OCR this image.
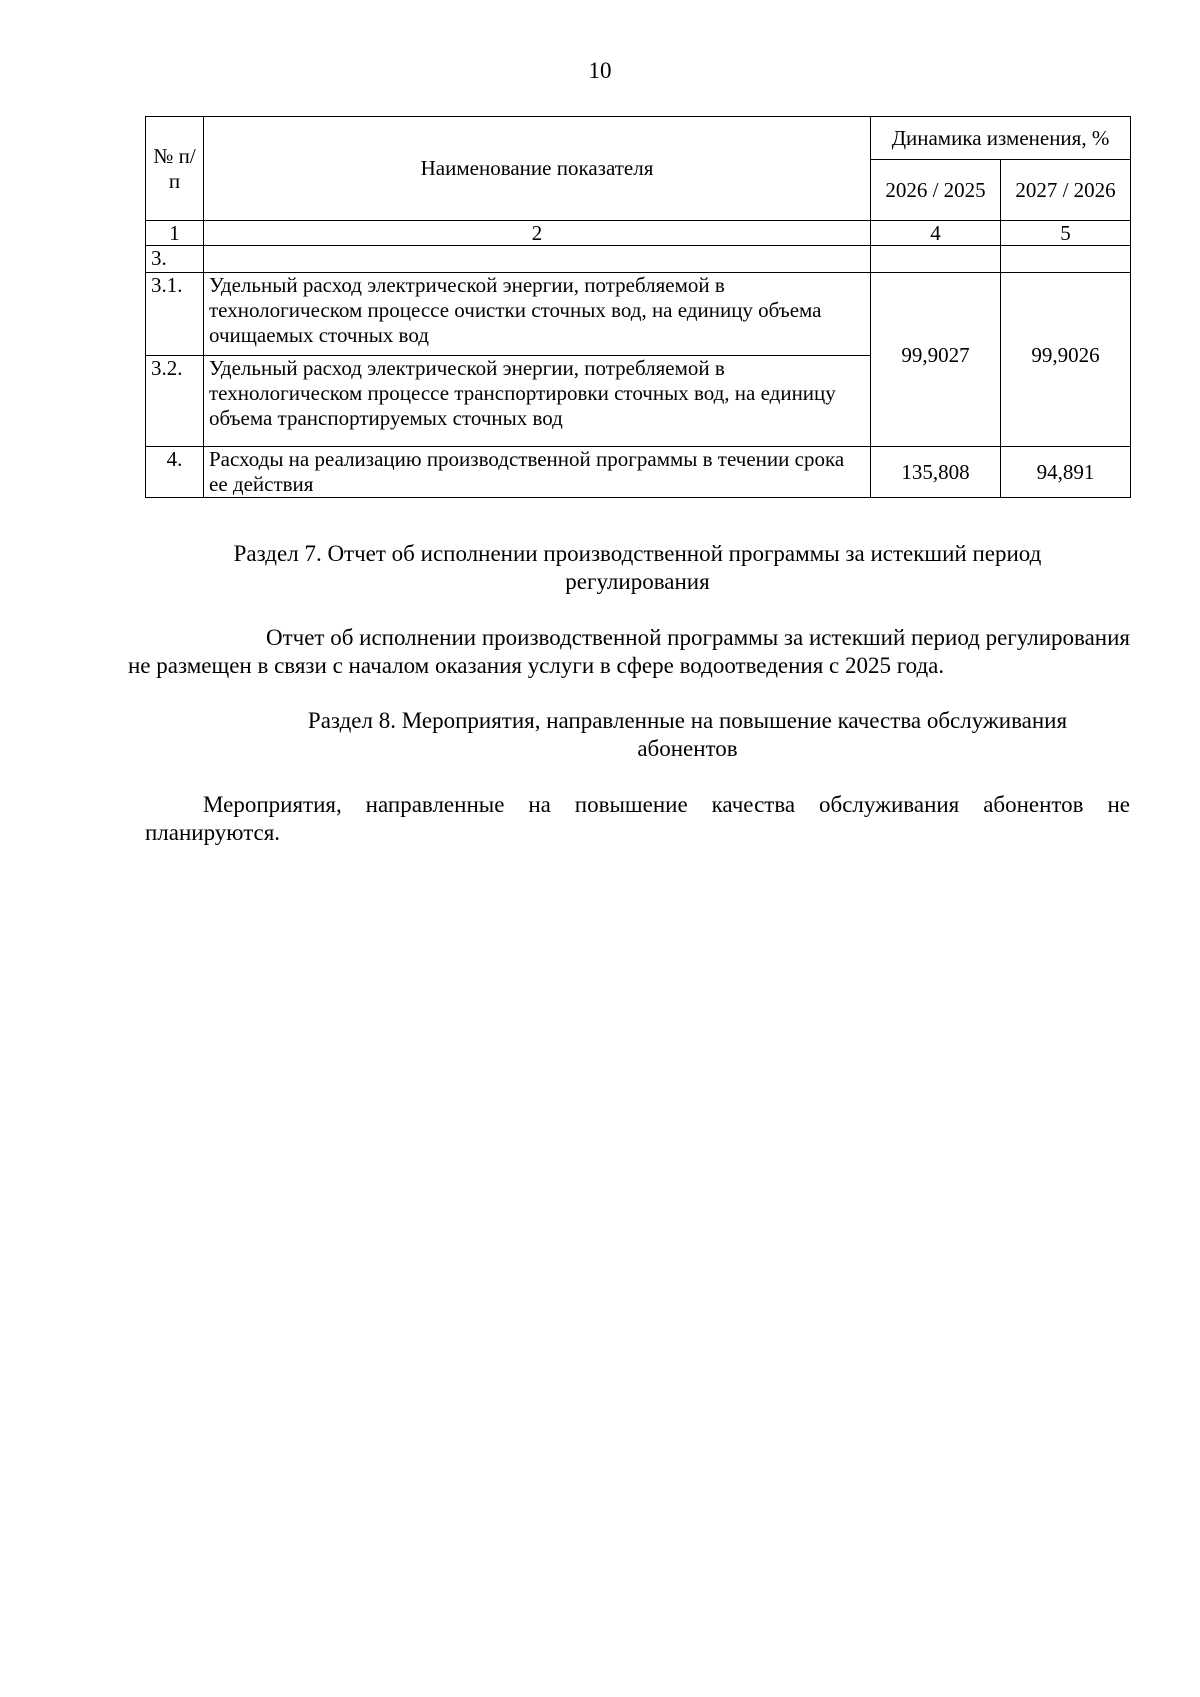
10
№ п/п	Наименование показателя	Динамика изменения, %	
		2026 / 2025	2027 / 2026
1	2	4	5
3.			
3.1.	Удельный расход электрической энергии, потребляемой в технологическом процессе очистки сточных вод, на единицу объема очищаемых сточных вод	99,9027	99,9026
3.2.	Удельный расход электрической энергии, потребляемой в технологическом процессе транспортировки сточных вод, на единицу объема транспортируемых сточных вод		
4.	Расходы на реализацию производственной программы в течении срока ее действия	135,808	94,891
Раздел 7. Отчет об исполнении производственной программы за истекший период
регулирования
Отчет об исполнении производственной программы за истекший период регулирования
не размещен в связи с началом оказания услуги в сфере водоотведения с 2025 года.
Раздел 8. Мероприятия, направленные на повышение качества обслуживания
абонентов
Мероприятия, направленные на повышение качества обслуживания абонентов не
планируются.
